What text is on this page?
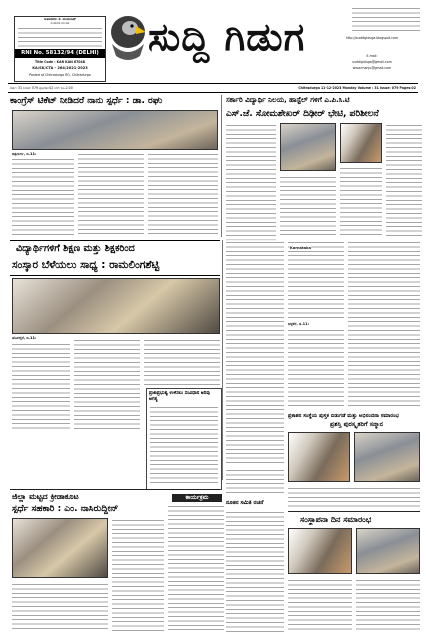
ಸಂಪಾದಕರು: ಕೆ. ಮಂಜುನಾಥ್
ಸಂಪಾದಕ ಮಂಡಳಿ
RNI No. 58132/94 (DELHI)
Title Code : KAR KAN 67048
KA/SK/CTA - 264/2021-2023
Posted at Chitradurga RO, Chitradurga
ಸುದ್ದಿ ಗಿಡುಗ	http://suddigiduga.blogspot.com
E-mail:
suddigiduga@gmail.com
www.manju@gmail.com
ವರ್ಷ: 31 ಸಂಚಿಕೆ: 079 ಪುಟಗಳು:02 ಬೆಲೆ: ರೂ.2.00	Chitradurga 11-12-2023 Monday Volume : 31 Issue: 079 Pages:02
ಕಾಂಗ್ರೆಸ್ ಟಿಕೆಟ್ ನೀಡಿದರೆ ನಾನು ಸ್ಪರ್ಧೆ : ಡಾ. ರಘು
ಚಿತ್ರದುರ್ಗ, ಡಿ.11:
ಸರ್ಕಾರಿ ವಿದ್ಯಾರ್ಥಿ ನಿಲಯ, ಹಾಸ್ಟೆಲ್ ಗಳಿಗೆ ಎ.ಪಿ.ಸಿ.ಟಿ
ಎಸ್.ಜೆ. ಸೋಮಶೇಖರ್ ದಿಢೀರ್ ಭೇಟಿ, ಪರಿಶೀಲನೆ
ವಿದ್ಯಾರ್ಥಿಗಳಿಗೆ ಶಿಕ್ಷಣ ಮತ್ತು ಶಿಕ್ಷಕರಿಂದ
ಸಂಸ್ಕಾರ ಬೆಳೆಯಲು ಸಾಧ್ಯ : ರಾಮಲಿಂಗಶೆಟ್ಟಿ
ಹೊಳಲ್ಕೆರೆ, ಡಿ.11:
ಪ್ರಜಾಪ್ರಭುತ್ವ ಉಳಿಸಲು ಸಂವಿಧಾನ ಅರಿವು ಅಗತ್ಯ
ಚಳ್ಳಕೆರೆ, ಡಿ.11:
Karnataka
ಪ್ರಕಾಶನ ಸಂಸ್ಥೆಯ ಪುಸ್ತಕ ಬಿಡುಗಡೆ ಮತ್ತು ಅಭಿನಂದನಾ ಸಮಾರಂಭ
ಪ್ರಶಸ್ತಿ ಪುರಸ್ಕೃತರಿಗೆ ಸನ್ಮಾನ
ಜಿಲ್ಲಾ ಮಟ್ಟದ ಕ್ರೀಡಾಕೂಟ
ಸ್ಪರ್ಧೆ ಸಹಕಾರಿ : ಎಂ. ನಾಸಿರುದ್ದೀನ್
ಕಾರ್ಯಕ್ರಮ
ನೂತನ ಸಮಿತಿ ರಚನೆ
ಸಂಸ್ಥಾಪನಾ ದಿನ ಸಮಾರಂಭ
